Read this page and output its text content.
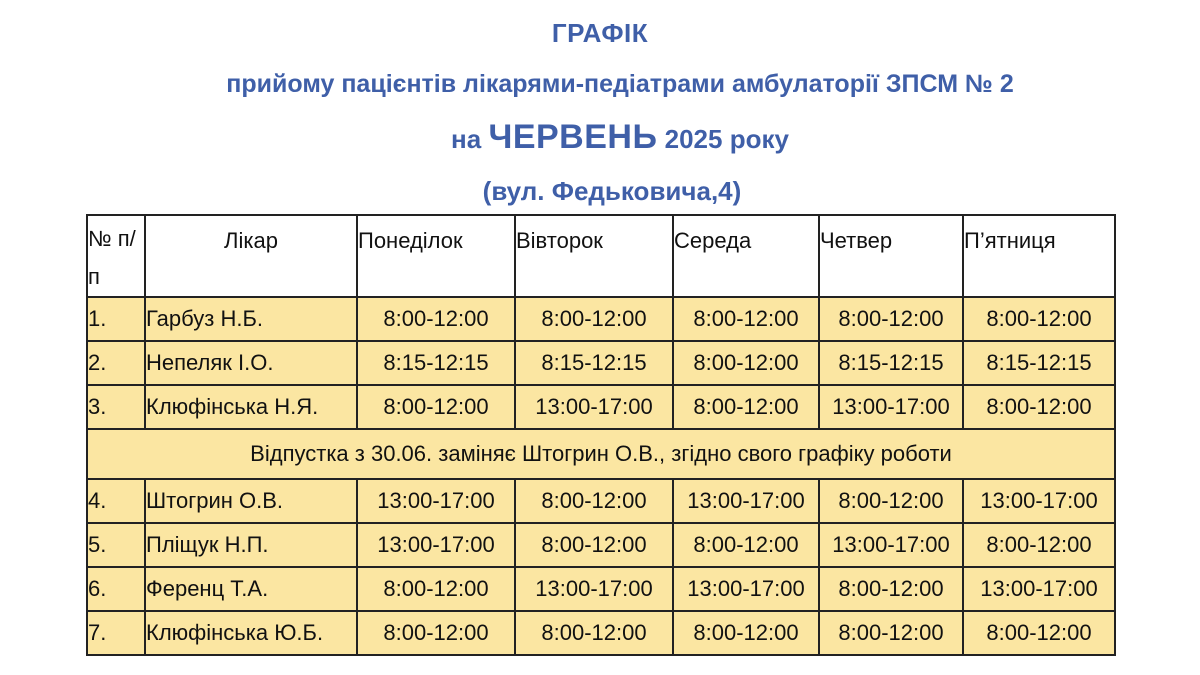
ГРАФІК
прийому пацієнтів лікарями-педіатрами амбулаторії ЗПСМ № 2
на ЧЕРВЕНЬ 2025 року
(вул. Федьковича,4)
№ п/п	Лікар	Понеділок	Вівторок	Середа	Четвер	П’ятниця
1.	Гарбуз Н.Б.	8:00-12:00	8:00-12:00	8:00-12:00	8:00-12:00	8:00-12:00
2.	Непеляк І.О.	8:15-12:15	8:15-12:15	8:00-12:00	8:15-12:15	8:15-12:15
3.	Клюфінська Н.Я.	8:00-12:00	13:00-17:00	8:00-12:00	13:00-17:00	8:00-12:00
Відпустка з 30.06. заміняє Штогрин О.В., згідно свого графіку роботи						
4.	Штогрин О.В.	13:00-17:00	8:00-12:00	13:00-17:00	8:00-12:00	13:00-17:00
5.	Пліщук Н.П.	13:00-17:00	8:00-12:00	8:00-12:00	13:00-17:00	8:00-12:00
6.	Ференц Т.А.	8:00-12:00	13:00-17:00	13:00-17:00	8:00-12:00	13:00-17:00
7.	Клюфінська Ю.Б.	8:00-12:00	8:00-12:00	8:00-12:00	8:00-12:00	8:00-12:00
